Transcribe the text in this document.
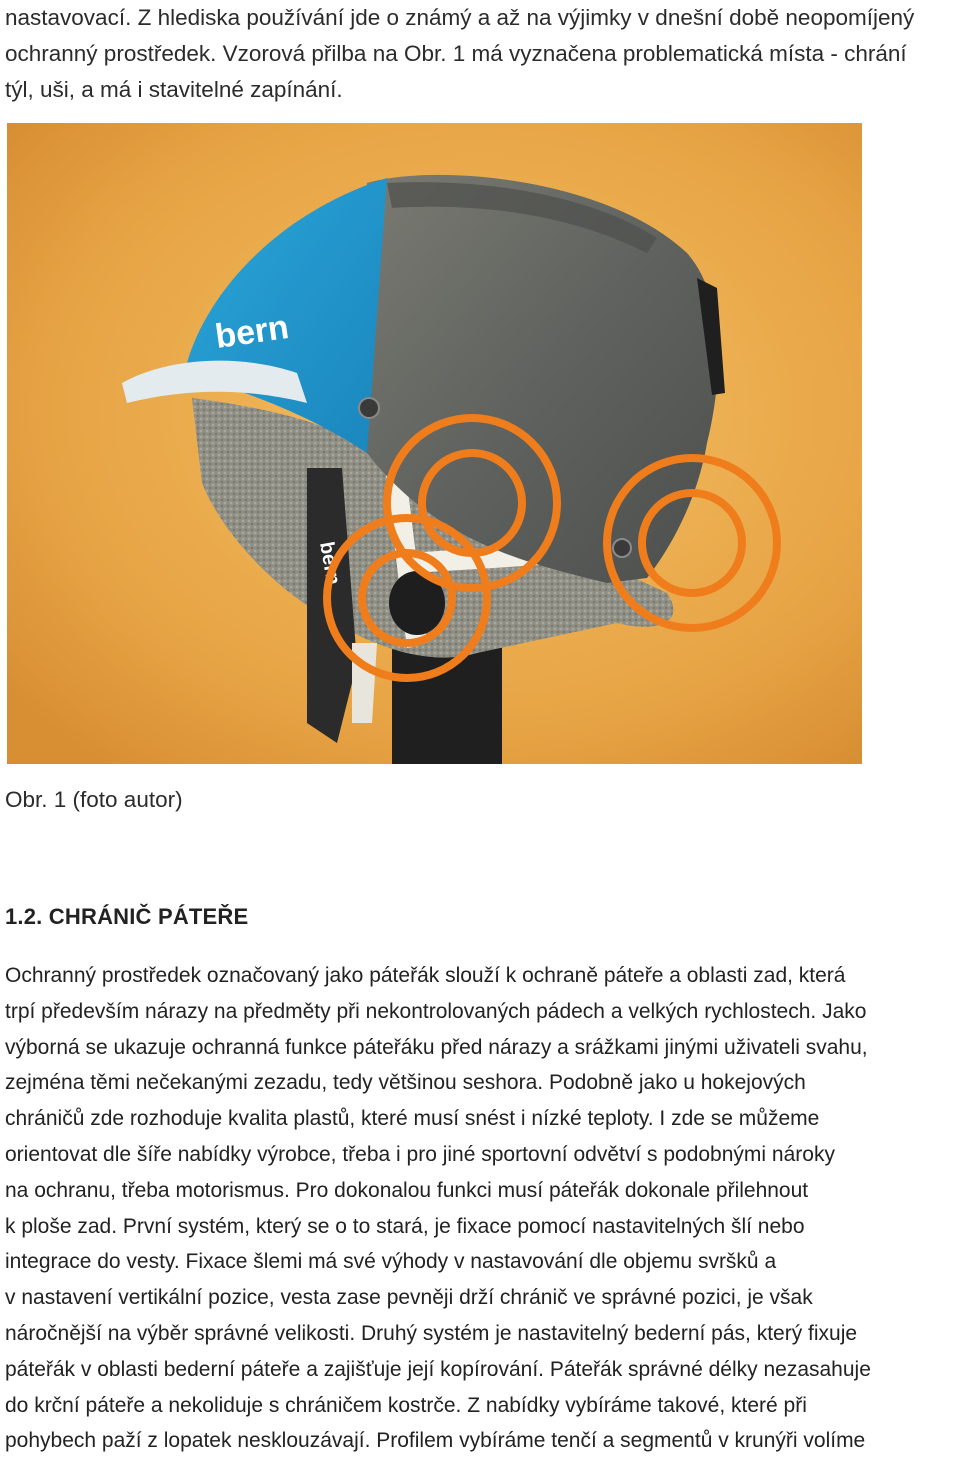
nastavovací. Z hlediska používání jde o známý a až na výjimky v dnešní době neopomíjený
ochranný prostředek. Vzorová přilba na Obr. 1 má vyznačena problematická místa - chrání
týl, uši, a má i stavitelné zapínání.
bern
bern
Obr. 1 (foto autor)
1.2. CHRÁNIČ PÁTEŘE
Ochranný prostředek označovaný jako páteřák slouží k ochraně páteře a oblasti zad, která
trpí především nárazy na předměty při nekontrolovaných pádech a velkých rychlostech. Jako
výborná se ukazuje ochranná funkce páteřáku před nárazy a srážkami jinými uživateli svahu,
zejména těmi nečekanými zezadu, tedy většinou seshora. Podobně jako u hokejových
chráničů zde rozhoduje kvalita plastů, které musí snést i nízké teploty. I zde se můžeme
orientovat dle šíře nabídky výrobce, třeba i pro jiné sportovní odvětví s podobnými nároky
na ochranu, třeba motorismus. Pro dokonalou funkci musí páteřák dokonale přilehnout
k ploše zad. První systém, který se o to stará, je fixace pomocí nastavitelných šlí nebo
integrace do vesty. Fixace šlemi má své výhody v nastavování dle objemu svršků a
v nastavení vertikální pozice, vesta zase pevněji drží chránič ve správné pozici, je však
náročnější na výběr správné velikosti. Druhý systém je nastavitelný bederní pás, který fixuje
páteřák v oblasti bederní páteře a zajišťuje její kopírování. Páteřák správné délky nezasahuje
do krční páteře a nekoliduje s chráničem kostrče. Z nabídky vybíráme takové, které při
pohybech paží z lopatek nesklouzávají. Profilem vybíráme tenčí a segmentů v krunýři volíme
